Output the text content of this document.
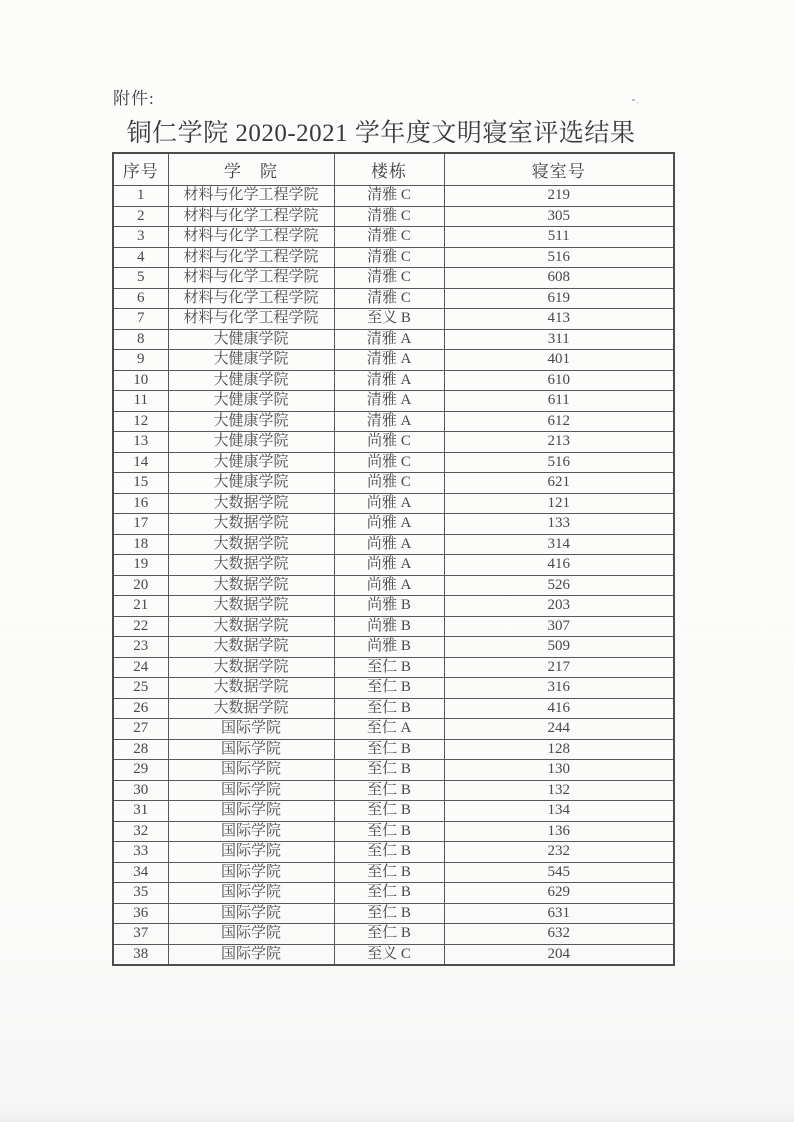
附件:
铜仁学院 2020-2021 学年度文明寝室评选结果
序号	学　院	楼栋	寝室号
1	材料与化学工程学院	清雅 C	219
2	材料与化学工程学院	清雅 C	305
3	材料与化学工程学院	清雅 C	511
4	材料与化学工程学院	清雅 C	516
5	材料与化学工程学院	清雅 C	608
6	材料与化学工程学院	清雅 C	619
7	材料与化学工程学院	至义 B	413
8	大健康学院	清雅 A	311
9	大健康学院	清雅 A	401
10	大健康学院	清雅 A	610
11	大健康学院	清雅 A	611
12	大健康学院	清雅 A	612
13	大健康学院	尚雅 C	213
14	大健康学院	尚雅 C	516
15	大健康学院	尚雅 C	621
16	大数据学院	尚雅 A	121
17	大数据学院	尚雅 A	133
18	大数据学院	尚雅 A	314
19	大数据学院	尚雅 A	416
20	大数据学院	尚雅 A	526
21	大数据学院	尚雅 B	203
22	大数据学院	尚雅 B	307
23	大数据学院	尚雅 B	509
24	大数据学院	至仁 B	217
25	大数据学院	至仁 B	316
26	大数据学院	至仁 B	416
27	国际学院	至仁 A	244
28	国际学院	至仁 B	128
29	国际学院	至仁 B	130
30	国际学院	至仁 B	132
31	国际学院	至仁 B	134
32	国际学院	至仁 B	136
33	国际学院	至仁 B	232
34	国际学院	至仁 B	545
35	国际学院	至仁 B	629
36	国际学院	至仁 B	631
37	国际学院	至仁 B	632
38	国际学院	至义 C	204
